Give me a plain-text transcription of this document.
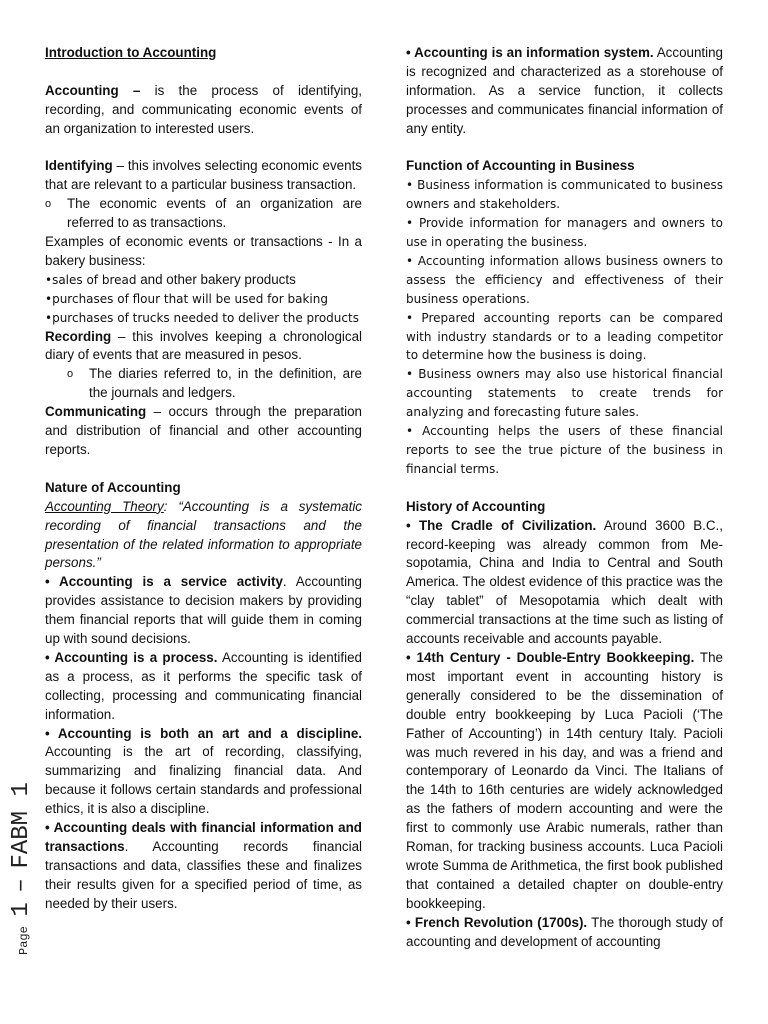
Introduction to Accounting

Accounting – is the process of identifying, recording, and communicating economic events of an organization to interested users.

Identifying – this involves selecting economic events that are relevant to a particular business transaction.

o The economic events of an organization are referred to as transactions.

Examples of economic events or transactions - In a bakery business:

•sales of bread and other bakery products

•purchases of flour that will be used for baking

•purchases of trucks needed to deliver the products

Recording – this involves keeping a chronological diary of events that are measured in pesos.

o The diaries referred to, in the definition, are the journals and ledgers.

Communicating – occurs through the preparation and distribution of financial and other accounting reports.

Nature of Accounting

Accounting Theory: “Accounting is a systematic recording of financial transactions and the presentation of the related information to appropriate persons.”

• Accounting is a service activity. Accounting provides assistance to decision makers by providing them financial reports that will guide them in coming up with sound decisions.

• Accounting is a process. Accounting is identified as a process, as it performs the specific task of collecting, processing and communicating financial information.

• Accounting is both an art and a discipline. Accounting is the art of recording, classifying, summarizing and finalizing financial data. And because it follows certain standards and professional ethics, it is also a discipline.

• Accounting deals with financial information and transactions. Accounting records financial transactions and data, classifies these and finalizes their results given for a specified period of time, as needed by their users.

• Accounting is an information system. Accounting is recognized and characterized as a storehouse of information. As a service function, it collects processes and communicates financial information of any entity.

Function of Accounting in Business

• Business information is communicated to business owners and stakeholders.

• Provide information for managers and owners to use in operating the business.

• Accounting information allows business owners to assess the efficiency and effectiveness of their business operations.

• Prepared accounting reports can be compared with industry standards or to a leading competitor to determine how the business is doing.

• Business owners may also use historical financial accounting statements to create trends for analyzing and forecasting future sales.

• Accounting helps the users of these financial reports to see the true picture of the business in financial terms.

History of Accounting

• The Cradle of Civilization. Around 3600 B.C., record-keeping was already common from Me-sopotamia, China and India to Central and South America. The oldest evidence of this practice was the “clay tablet” of Mesopotamia which dealt with commercial transactions at the time such as listing of accounts receivable and accounts payable.

• 14th Century - Double-Entry Bookkeeping. The most important event in accounting history is generally considered to be the dissemination of double entry bookkeeping by Luca Pacioli (‘The Father of Accounting’) in 14th century Italy. Pacioli was much revered in his day, and was a friend and contemporary of Leonardo da Vinci. The Italians of the 14th to 16th centuries are widely acknowledged as the fathers of modern accounting and were the first to commonly use Arabic numerals, rather than Roman, for tracking business accounts. Luca Pacioli wrote Summa de Arithmetica, the first book published that contained a detailed chapter on double-entry bookkeeping.

• French Revolution (1700s). The thorough study of accounting and development of accounting

Page 1 – FABM 1
